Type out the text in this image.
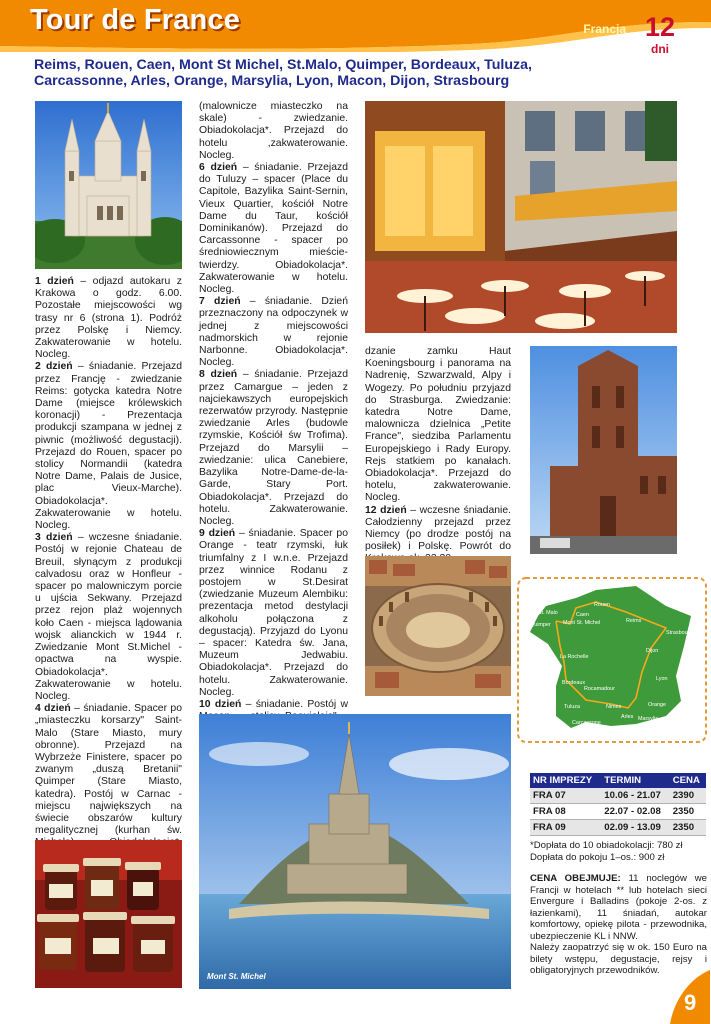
Tour de France	Francja
Komfort
12
dni
Reims, Rouen, Caen, Mont St Michel, St.Malo, Quimper, Bordeaux, Tuluza, Carcassonne, Arles, Orange, Marsylia, Lyon, Macon, Dijon, Strasbourg

1 dzień – odjazd autokaru z Krakowa o godz. 6.00. Pozostałe miejscowości wg trasy nr 6 (strona 1). Podróż przez Polskę i Niemcy. Zakwaterowanie w hotelu. Nocleg.

2 dzień – śniadanie. Przejazd przez Francję - zwiedzanie Reims: gotycka katedra Notre Dame (miejsce królewskich koronacji) - Prezentacja produkcji szampana w jednej z piwnic (możliwość degustacji). Przejazd do Rouen, spacer po stolicy Normandii (katedra Notre Dame, Palais de Jusice, plac Vieux-Marche). Obiadokolacja*. Zakwaterowanie w hotelu. Nocleg.

3 dzień – wczesne śniadanie. Postój w rejonie Chateau de Breuil, słynącym z produkcji calvadosu oraz w Honfleur - spacer po malowniczym porcie u ujścia Sekwany. Przejazd przez rejon plaż wojennych koło Caen - miejsca lądowania wojsk alianckich w 1944 r. Zwiedzanie Mont St.Michel - opactwa na wyspie. Obiadokolacja*. Zakwaterowanie w hotelu. Nocleg.

4 dzień – śniadanie. Spacer po „miasteczku korsarzy" Saint-Malo (Stare Miasto, mury obronne). Przejazd na Wybrzeże Finistere, spacer po zwanym „duszą Bretanii" Quimper (Stare Miasto, katedra). Postój w Carnac - miejscu największych na świecie obszarów kultury megalitycznej (kurhan św.

(malownicze miasteczko na skale) - zwiedzanie. Obiadokolacja*. Przejazd do hotelu ,zakwaterowanie. Nocleg.

6 dzień – śniadanie. Przejazd do Tuluzy – spacer (Place du Capitole, Bazylika Saint-Sernin, Vieux Quartier, kościół Notre Dame du Taur, kościół Dominikanów). Przejazd do Carcassonne - spacer po średniowiecznym mieście-twierdzy. Obiadokolacja*. Zakwaterowanie w hotelu. Nocleg.

7 dzień – śniadanie. Dzień przeznaczony na odpoczynek w jednej z miejscowości nadmorskich w rejonie Narbonne. Obiadokolacja*. Nocleg.

8 dzień – śniadanie. Przejazd przez Camargue – jeden z najciekawszych europejskich rezerwatów przyrody. Następnie zwiedzanie Arles (budowle rzymskie, Kościół św Trofima). Przejazd do Marsylii – zwiedzanie: ulica Canebiere, Bazylika Notre-Dame-de-la-Garde, Stary Port. Obiadokolacja*. Przejazd do hotelu. Zakwaterowanie. Nocleg.

9 dzień – śniadanie. Spacer po Orange - teatr rzymski, łuk triumfalny z I w.n.e. Przejazd przez winnice Rodanu z postojem w St.Desirat (zwiedzanie Muzeum Alembiku: prezentacja metod destylacji alkoholu połączona z degustacją). Przyjazd do Lyonu – spacer: Katedra św. Jana, Muzeum Jedwabiu. Obiadokolacja*. Przejazd do hotelu. Zakwaterowanie. Nocleg.

10 dzień – śniadanie. Postój w

dzanie zamku Haut Koeningsbourg i panorama na Nadrenię, Szwarzwald, Alpy i Wogezy. Po południu przyjazd do Strasburga. Zwiedzanie: katedra Notre Dame, malownicza dzielnica „Petite France", siedziba Parlamentu Europejskiego i Rady Europy. Rejs statkiem po kanałach. Obiadokolacja*. Przejazd do hotelu, zakwaterowanie. Nocleg.

12 dzień – wczesne śniadanie. Całodzienny przejazd przez Niemcy (po drodze postój na posiłek) i Polskę. Powrót do

Rouen
Caen
St. Malo
Mont St. Michel
Quimper
Reims
Strasbourg
Dijon
La Rochelle
Lyon
Bordeaux
Rocamadour
Orange
Tuluza	Nimes
Arles
Carcassone
Marsylia
Mont St. Michel
NR IMPREZY	TERMIN	CENA
FRA 07	10.06 - 21.07	2390
FRA 08	22.07 - 02.08	2350
FRA 09	02.09 - 13.09	2350
*Dopłata do 10 obiadokolacji: 780 zł
Dopłata do pokoju 1–os.: 900 zł
CENA OBEJMUJE: 11 noclegów we Francji w hotelach ** lub hotelach sieci Envergure i Balladins (pokoje 2-os. z łazienkami), 11 śniadań, autokar komfortowy, opiekę pilota - przewodnika, ubezpieczenie KL i NNW.
Należy zaopatrzyć się w ok. 150 Euro na bilety wstępu, degustacje, rejsy i obligatoryjnych przewodników.
9
